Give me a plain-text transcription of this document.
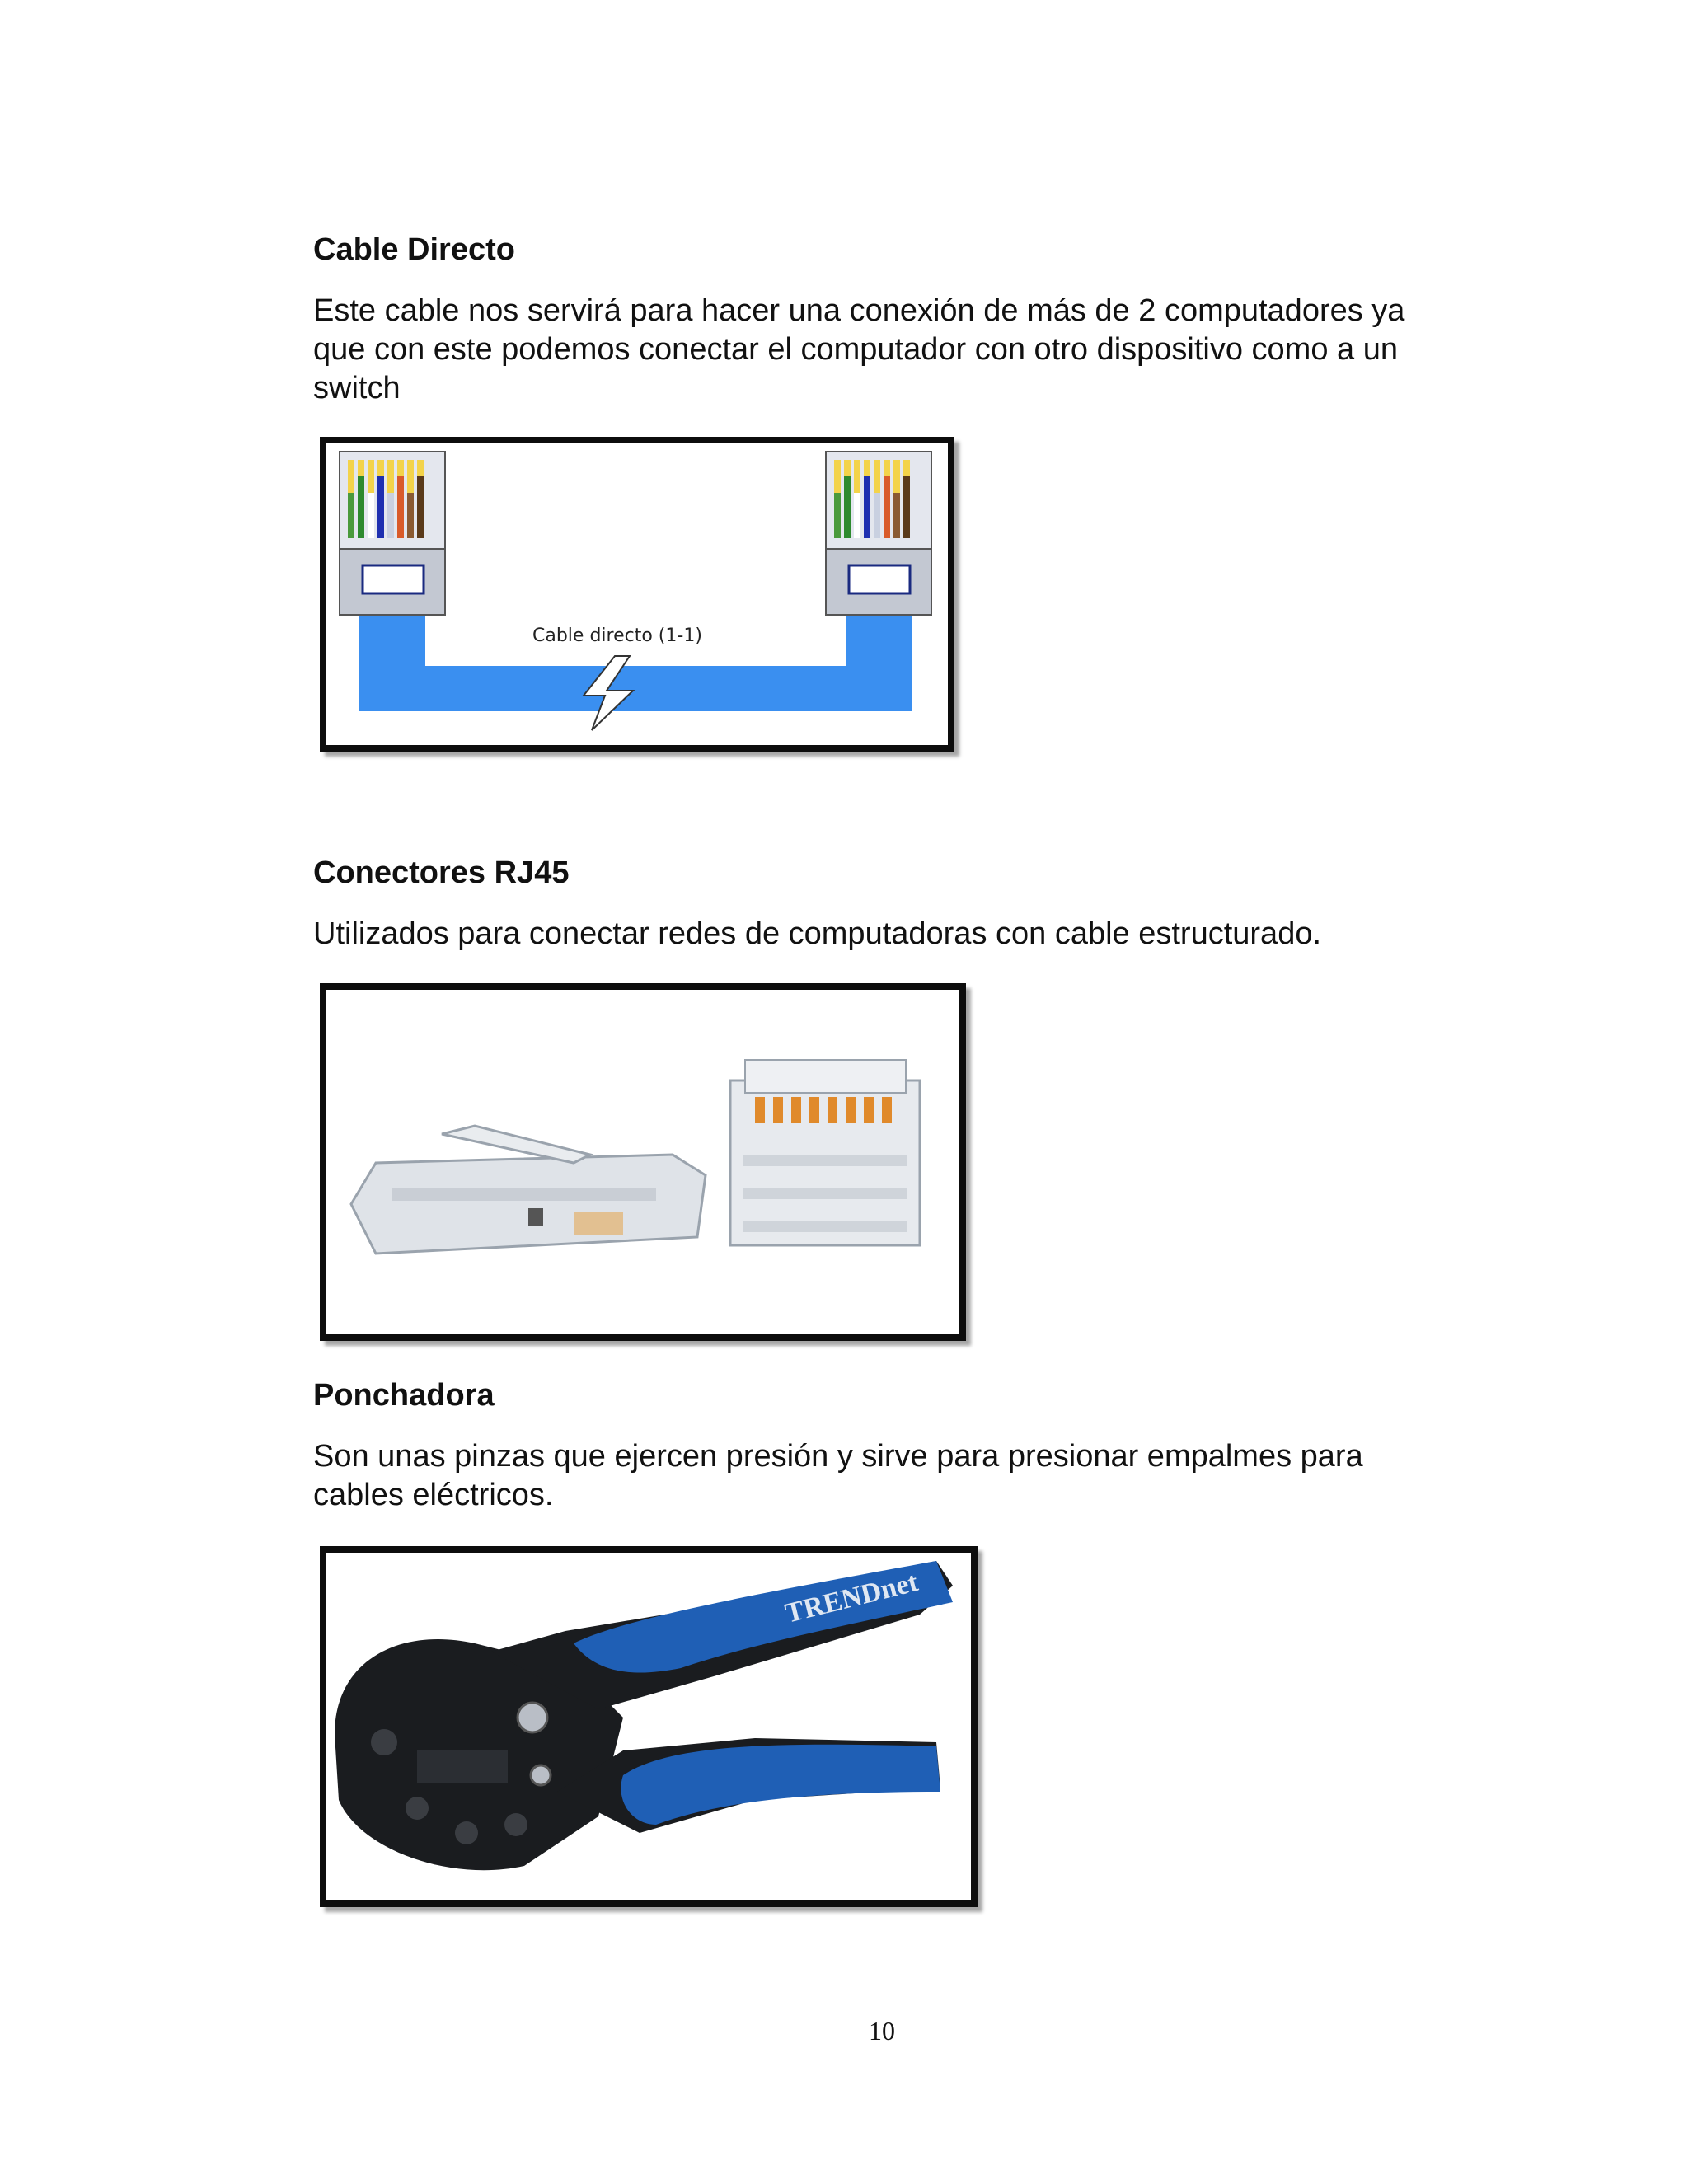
Cable Directo

Este cable nos servirá para hacer una conexión de más de 2 computadores ya que con este podemos conectar el computador con otro dispositivo como a un switch

Cable directo (1-1)
Conectores RJ45

Utilizados para conectar redes de computadoras con cable estructurado.

Ponchadora

Son unas pinzas que ejercen presión y sirve para presionar empalmes para cables eléctricos.

TRENDnet
10
